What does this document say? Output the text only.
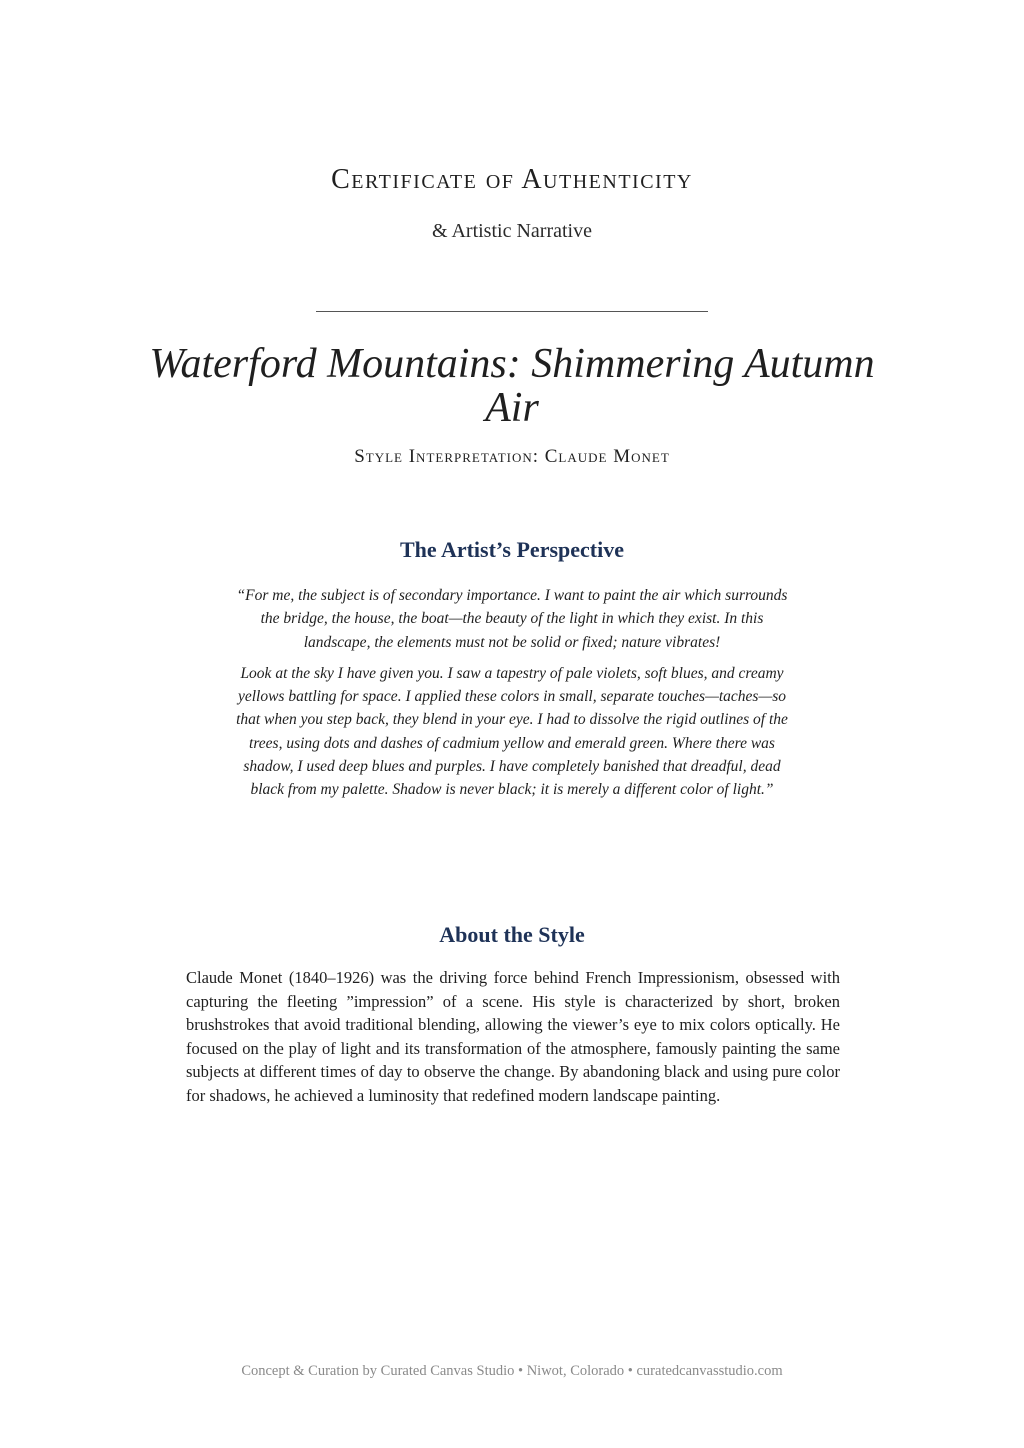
Certificate of Authenticity
& Artistic Narrative
Waterford Mountains: Shimmering Autumn Air
Style Interpretation: Claude Monet
The Artist’s Perspective

“For me, the subject is of secondary importance. I want to paint the air which surrounds the bridge, the house, the boat—the beauty of the light in which they exist. In this landscape, the elements must not be solid or fixed; nature vibrates!

Look at the sky I have given you. I saw a tapestry of pale violets, soft blues, and creamy yellows battling for space. I applied these colors in small, separate touches—taches—so that when you step back, they blend in your eye. I had to dissolve the rigid outlines of the trees, using dots and dashes of cadmium yellow and emerald green. Where there was shadow, I used deep blues and purples. I have completely banished that dreadful, dead black from my palette. Shadow is never black; it is merely a different color of light.”

About the Style

Claude Monet (1840–1926) was the driving force behind French Impressionism, obsessed with capturing the fleeting ”impression” of a scene. His style is characterized by short, broken brushstrokes that avoid traditional blending, allowing the viewer’s eye to mix colors optically. He focused on the play of light and its transformation of the atmosphere, famously painting the same subjects at different times of day to observe the change. By abandoning black and using pure color for shadows, he achieved a luminosity that redefined modern landscape painting.

Concept & Curation by Curated Canvas Studio • Niwot, Colorado • curatedcanvasstudio.com
